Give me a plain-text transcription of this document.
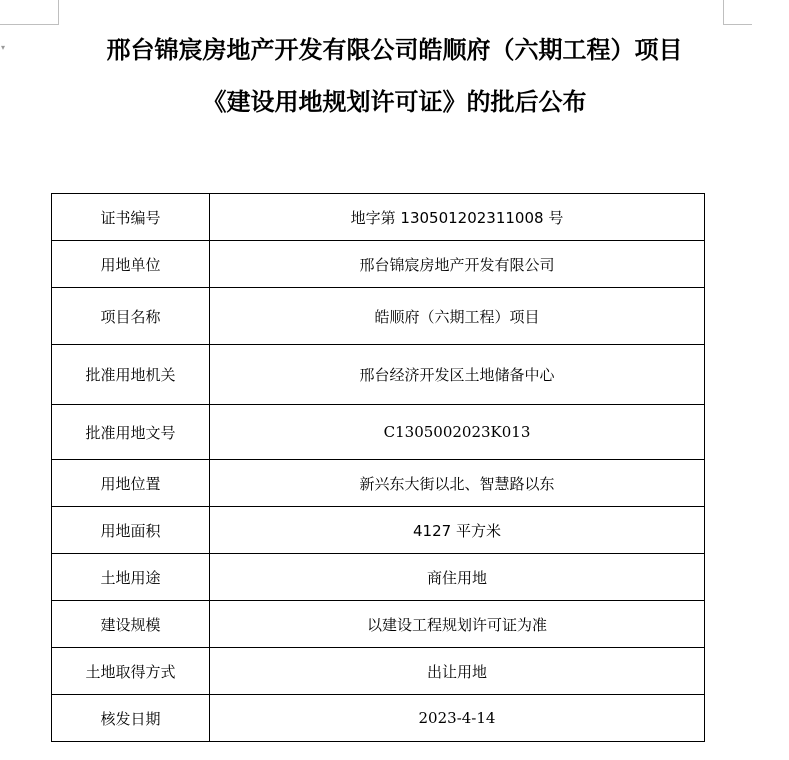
▾	邢台锦宸房地产开发有限公司皓顺府（六期工程）项目
《建设用地规划许可证》的批后公布
证书编号	地字第 130501202311008 号
用地单位	邢台锦宸房地产开发有限公司
项目名称	皓顺府（六期工程）项目
批准用地机关	邢台经济开发区土地储备中心
批准用地文号	C1305002023K013
用地位置	新兴东大街以北、智慧路以东
用地面积	4127 平方米
土地用途	商住用地
建设规模	以建设工程规划许可证为准
土地取得方式	出让用地
核发日期	2023-4-14
